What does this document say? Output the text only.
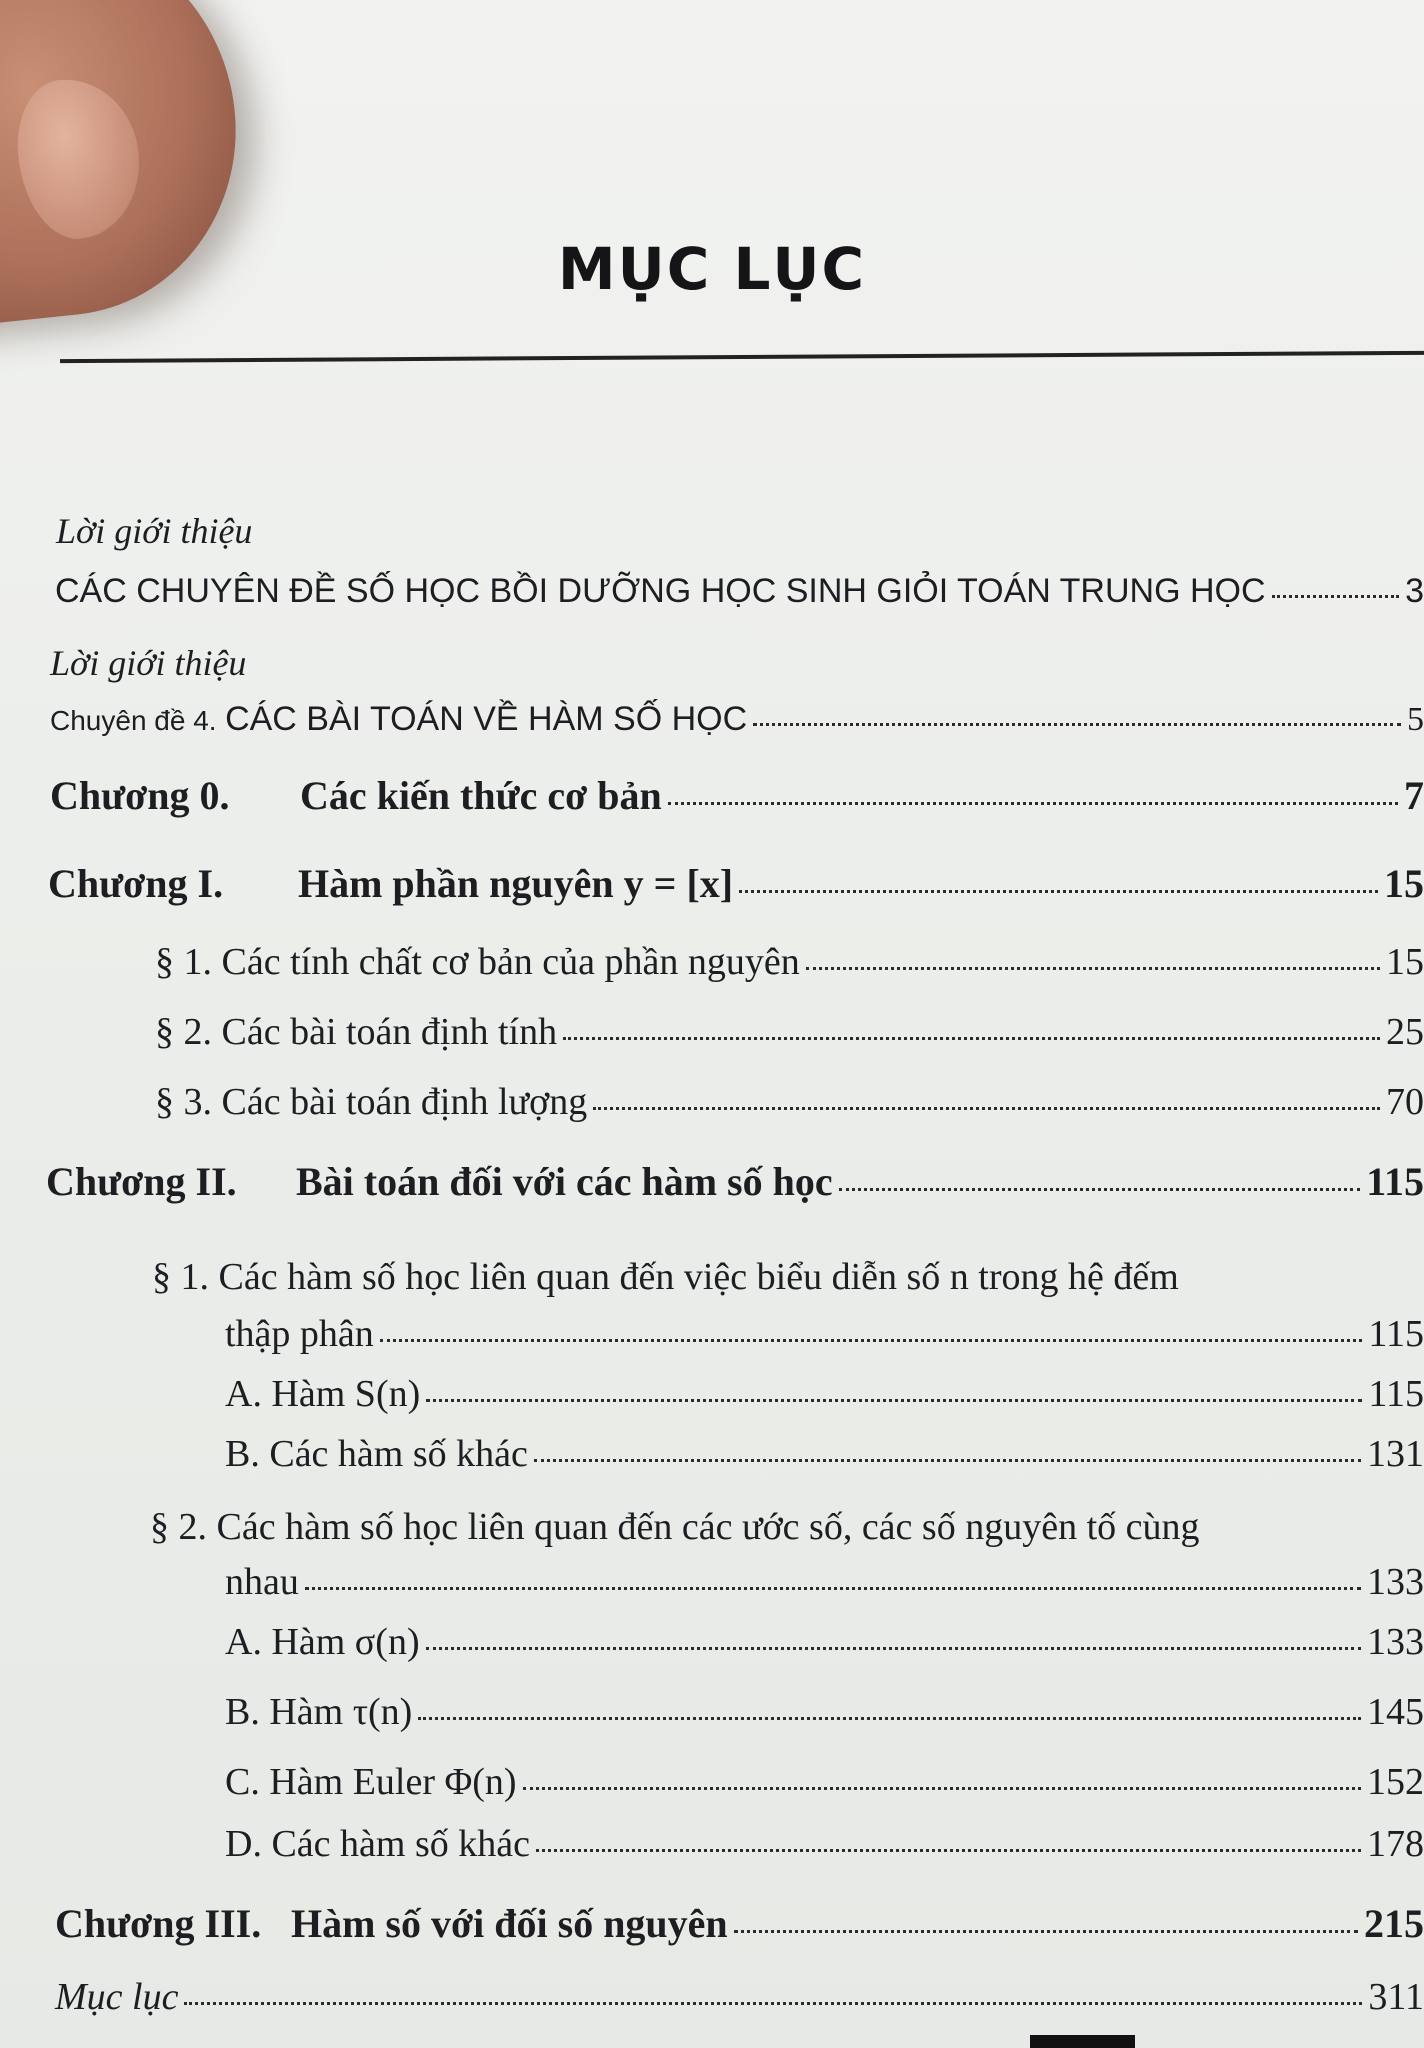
MỤC LỤC
Lời giới thiệu
CÁC CHUYÊN ĐỀ SỐ HỌC BỒI DƯỠNG HỌC SINH GIỎI TOÁN TRUNG HỌC	3
Lời giới thiệu
Chuyên đề 4. CÁC BÀI TOÁN VỀ HÀM SỐ HỌC	5
Chương 0. Các kiến thức cơ bản	7
Chương I. Hàm phần nguyên y = [x]	15
§ 1. Các tính chất cơ bản của phần nguyên	15
§ 2. Các bài toán định tính	25
§ 3. Các bài toán định lượng	70
Chương II. Bài toán đối với các hàm số học	115
§ 1. Các hàm số học liên quan đến việc biểu diễn số n trong hệ đếm
thập phân	115
A. Hàm S(n)	115
B. Các hàm số khác	131
§ 2. Các hàm số học liên quan đến các ước số, các số nguyên tố cùng
nhau	133
A. Hàm σ(n)	133
B. Hàm τ(n)	145
C. Hàm Euler Φ(n)	152
D. Các hàm số khác	178
Chương III. Hàm số với đối số nguyên	215
Mục lục	311
